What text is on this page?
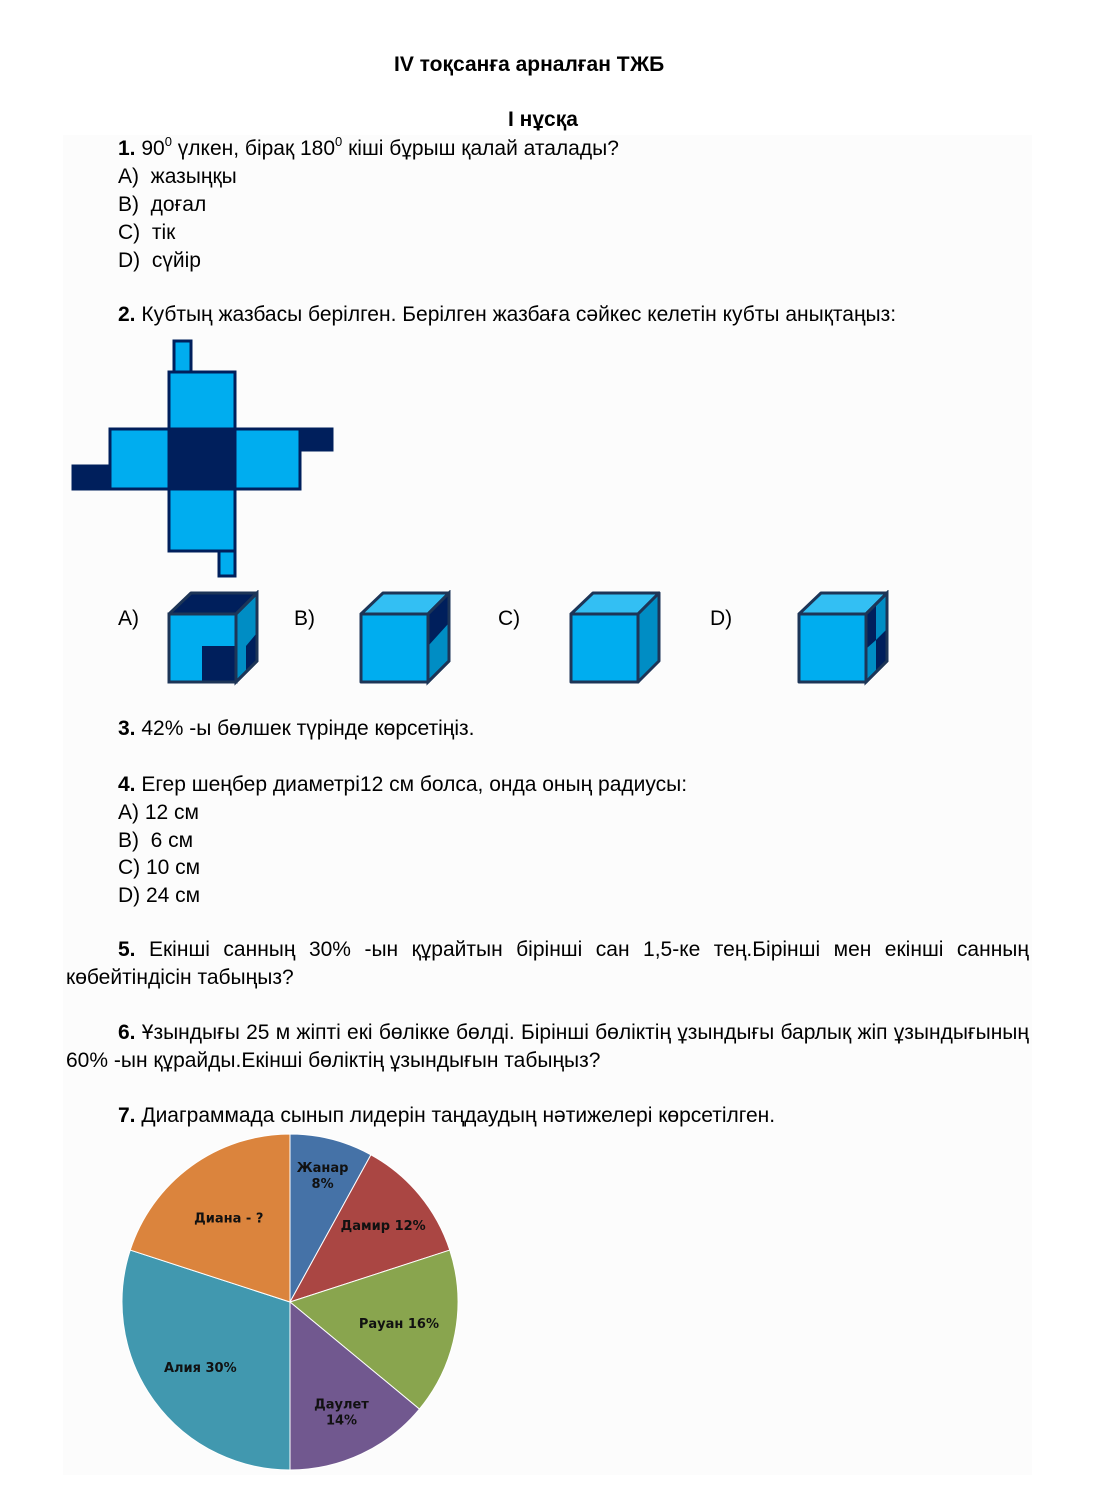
IV тоқсанға арналған ТЖБ
I нұсқа
1. $90^0$ үлкен, бірақ $180^0$ кіші бұрыш қалай аталады?
A) жазыңқы
B) доғал
C) тік
D) сүйір
2. Кубтың жазбасы берілген. Берілген жазбаға сәйкес келетін кубты анықтаңыз:
A)	B)	C)	D)
3. 42% -ы бөлшек түрінде көрсетіңіз.
4. Егер шеңбер диаметрі12 см болса, онда оның радиусы:
A) 12 см
B)  6 см
C) 10 см
D) 24 см
5. Екінші санның 30% -ын құрайтын бірінші сан 1,5-ке тең.Бірінші мен екінші санның көбейтіндісін табыңыз?
6. Ұзындығы 25 м жіпті екі бөлікке бөлді. Бірінші бөліктің ұзындығы барлық жіп ұзындығының 60% -ын құрайды.Екінші бөліктің ұзындығын табыңыз?
7. Диаграммада сынып лидерін таңдаудың нәтижелері көрсетілген.
Жанар 8%
Дамир 12%
Рауан 16%
Даулет 14%
Алия 30%
Диана - ?
